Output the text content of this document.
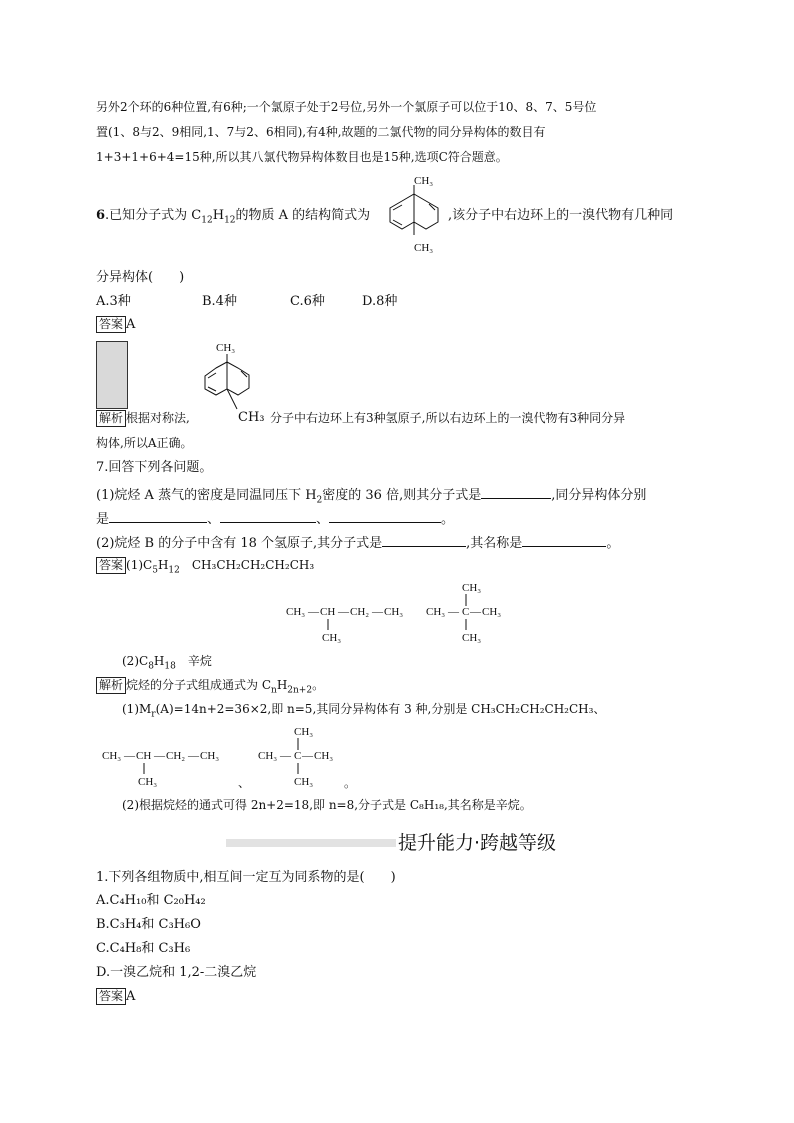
另外2个环的6种位置,有6种;一个氯原子处于2号位,另外一个氯原子可以位于10、8、7、5号位
置(1、8与2、9相同,1、7与2、6相同),有4种,故题的二氯代物的同分异构体的数目有
1+3+1+6+4=15种,所以其八氯代物异构体数目也是15种,选项C符合题意。
6.已知分子式为 $C_{12}H_{12}$的物质 A 的结构简式为
CH₃
CH₃
,该分子中右边环上的一溴代物有几种同
分异构体(　　)
A.3种	B.4种	C.6种	D.8种
答案 A
CH₃
解析 根据对称法,	CH₃ 分子中右边环上有3种氢原子,所以右边环上的一溴代物有3种同分异
构体,所以A正确。
7.回答下列各问题。
(1)烷烃 A 蒸气的密度是同温同压下 $H_2$密度的 36 倍,则其分子式是	,同分异构体分别
是	、	、	。
(2)烷烃 B 的分子中含有 18 个氢原子,其分子式是	,其名称是	。
答案 $(1)C_5H_{12}$　CH₃CH₂CH₂CH₂CH₃
CH₃ — CH — CH₂ — CH₃
CH₃
CH₃ — C — CH₃
CH₃
CH₃
$(2)C_8H_{18}$　辛烷
解析 烷烃的分子式组成通式为 $C_nH_{2n+2}$。
$(1)M_r(A)=14n+2=36\times 2$,即 n=5,其同分异构体有 3 种,分别是 CH₃CH₂CH₂CH₂CH₃、
CH₃ — CH — CH₂ — CH₃
CH₃	、
CH₃ — C — CH₃
CH₃
CH₃	。
(2)根据烷烃的通式可得 2n+2=18,即 n=8,分子式是 C₈H₁₈,其名称是辛烷。
提升能力·跨越等级
1.下列各组物质中,相互间一定互为同系物的是(　　)
A.C₄H₁₀和 C₂₀H₄₂
B.C₃H₄和 C₃H₆O
C.C₄H₈和 C₃H₆
D.一溴乙烷和 1,2-二溴乙烷
答案 A
